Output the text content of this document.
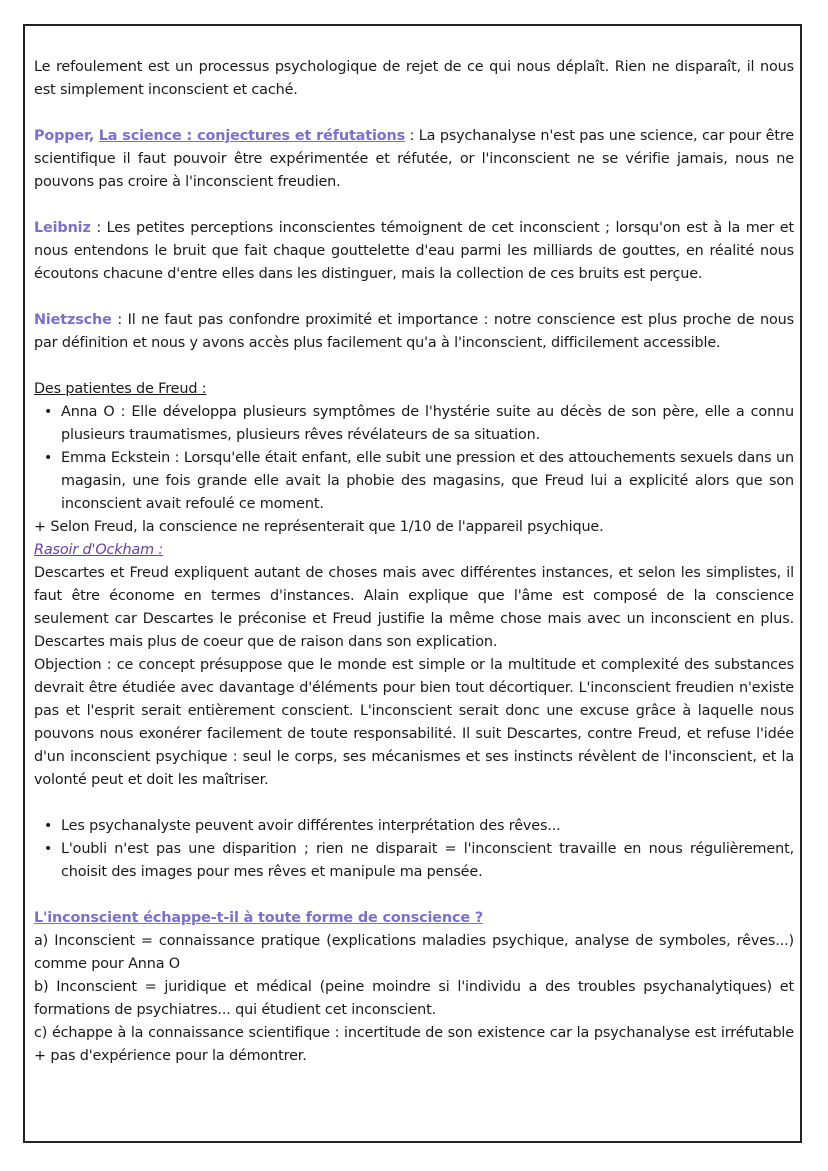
Le refoulement est un processus psychologique de rejet de ce qui nous déplaît. Rien ne disparaît, il nous est simplement inconscient et caché.

Popper, La science : conjectures et réfutations : La psychanalyse n'est pas une science, car pour être scientifique il faut pouvoir être expérimentée et réfutée, or l'inconscient ne se vérifie jamais, nous ne pouvons pas croire à l'inconscient freudien.

Leibniz : Les petites perceptions inconscientes témoignent de cet inconscient ; lorsqu'on est à la mer et nous entendons le bruit que fait chaque gouttelette d'eau parmi les milliards de gouttes, en réalité nous écoutons chacune d'entre elles dans les distinguer, mais la collection de ces bruits est perçue.

Nietzsche : Il ne faut pas confondre proximité et importance : notre conscience est plus proche de nous par définition et nous y avons accès plus facilement qu'a à l'inconscient, difficilement accessible.

Des patientes de Freud :

• Anna O : Elle développa plusieurs symptômes de l'hystérie suite au décès de son père, elle a connu plusieurs traumatismes, plusieurs rêves révélateurs de sa situation.
• Emma Eckstein : Lorsqu'elle était enfant, elle subit une pression et des attouchements sexuels dans un magasin, une fois grande elle avait la phobie des magasins, que Freud lui a explicité alors que son inconscient avait refoulé ce moment.

+ Selon Freud, la conscience ne représenterait que 1/10 de l'appareil psychique.

Rasoir d'Ockham :

Descartes et Freud expliquent autant de choses mais avec différentes instances, et selon les simplistes, il faut être économe en termes d'instances. Alain explique que l'âme est composé de la conscience seulement car Descartes le préconise et Freud justifie la même chose mais avec un inconscient en plus. Descartes mais plus de coeur que de raison dans son explication.

Objection : ce concept présuppose que le monde est simple or la multitude et complexité des substances devrait être étudiée avec davantage d'éléments pour bien tout décortiquer. L'inconscient freudien n'existe pas et l'esprit serait entièrement conscient. L'inconscient serait donc une excuse grâce à laquelle nous pouvons nous exonérer facilement de toute responsabilité. Il suit Descartes, contre Freud, et refuse l'idée d'un inconscient psychique : seul le corps, ses mécanismes et ses instincts révèlent de l'inconscient, et la volonté peut et doit les maîtriser.

• Les psychanalyste peuvent avoir différentes interprétation des rêves...
• L'oubli n'est pas une disparition ; rien ne disparait = l'inconscient travaille en nous régulièrement, choisit des images pour mes rêves et manipule ma pensée.

L'inconscient échappe-t-il à toute forme de conscience ?

a) Inconscient = connaissance pratique (explications maladies psychique, analyse de symboles, rêves...) comme pour Anna O

b) Inconscient = juridique et médical (peine moindre si l'individu a des troubles psychanalytiques) et formations de psychiatres... qui étudient cet inconscient.

c) échappe à la connaissance scientifique : incertitude de son existence car la psychanalyse est irréfutable + pas d'expérience pour la démontrer.
